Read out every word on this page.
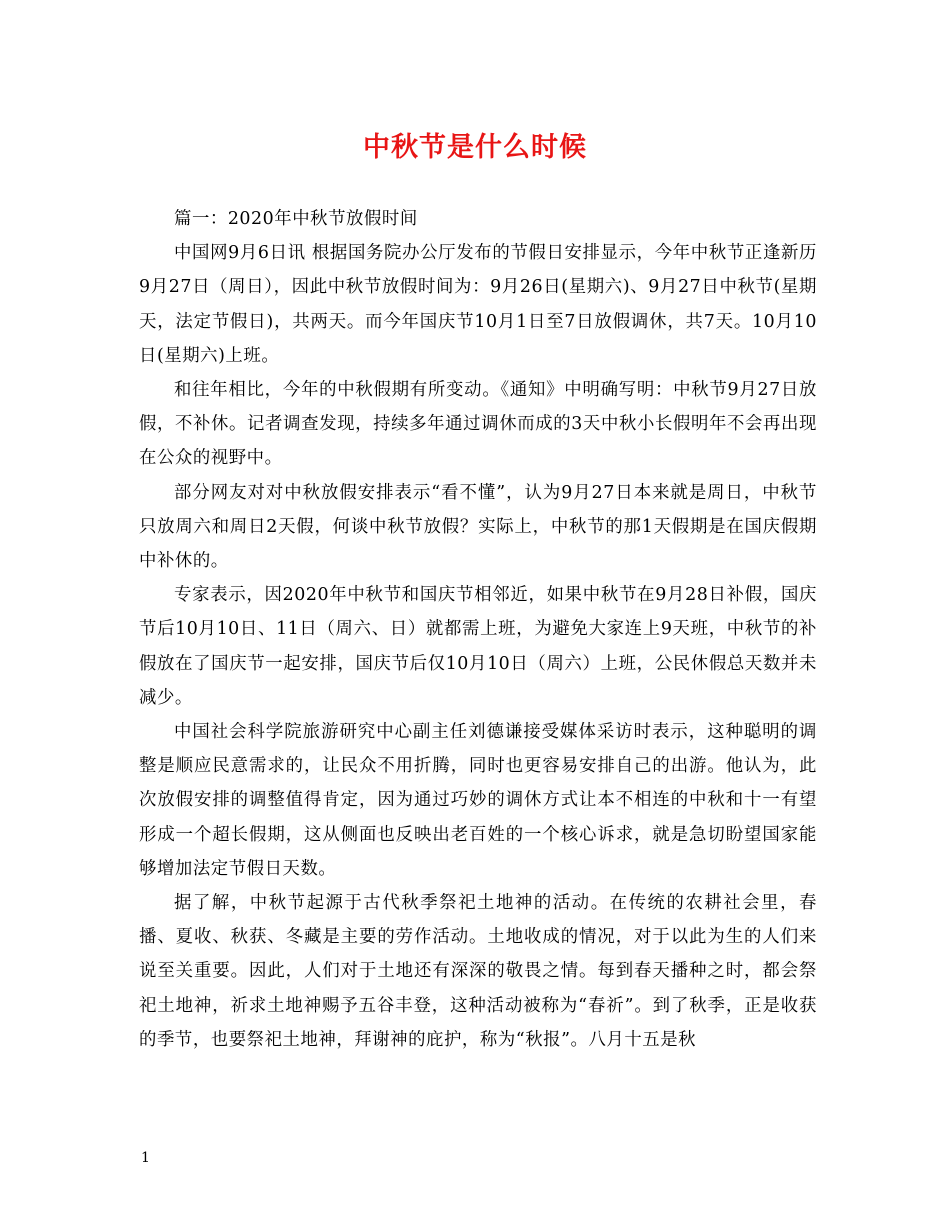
中秋节是什么时候

篇一：2020年中秋节放假时间

中国网9月6日讯 根据国务院办公厅发布的节假日安排显示，今年中秋节正逢新历9月27日（周日），因此中秋节放假时间为：9月26日(星期六)、9月27日中秋节(星期天，法定节假日)，共两天。而今年国庆节10月1日至7日放假调休，共7天。10月10日(星期六)上班。

和往年相比，今年的中秋假期有所变动。《通知》中明确写明：中秋节9月27日放假，不补休。记者调查发现，持续多年通过调休而成的3天中秋小长假明年不会再出现在公众的视野中。

部分网友对对中秋放假安排表示“看不懂”，认为9月27日本来就是周日，中秋节只放周六和周日2天假，何谈中秋节放假？实际上，中秋节的那1天假期是在国庆假期中补休的。

专家表示，因2020年中秋节和国庆节相邻近，如果中秋节在9月28日补假，国庆节后10月10日、11日（周六、日）就都需上班，为避免大家连上9天班，中秋节的补假放在了国庆节一起安排，国庆节后仅10月10日（周六）上班，公民休假总天数并未减少。

中国社会科学院旅游研究中心副主任刘德谦接受媒体采访时表示，这种聪明的调整是顺应民意需求的，让民众不用折腾，同时也更容易安排自己的出游。他认为，此次放假安排的调整值得肯定，因为通过巧妙的调休方式让本不相连的中秋和十一有望形成一个超长假期，这从侧面也反映出老百姓的一个核心诉求，就是急切盼望国家能够增加法定节假日天数。

据了解，中秋节起源于古代秋季祭祀土地神的活动。在传统的农耕社会里，春播、夏收、秋获、冬藏是主要的劳作活动。土地收成的情况，对于以此为生的人们来说至关重要。因此，人们对于土地还有深深的敬畏之情。每到春天播种之时，都会祭祀土地神，祈求土地神赐予五谷丰登，这种活动被称为“春祈”。到了秋季，正是收获的季节，也要祭祀土地神，拜谢神的庇护，称为“秋报”。八月十五是秋

1
